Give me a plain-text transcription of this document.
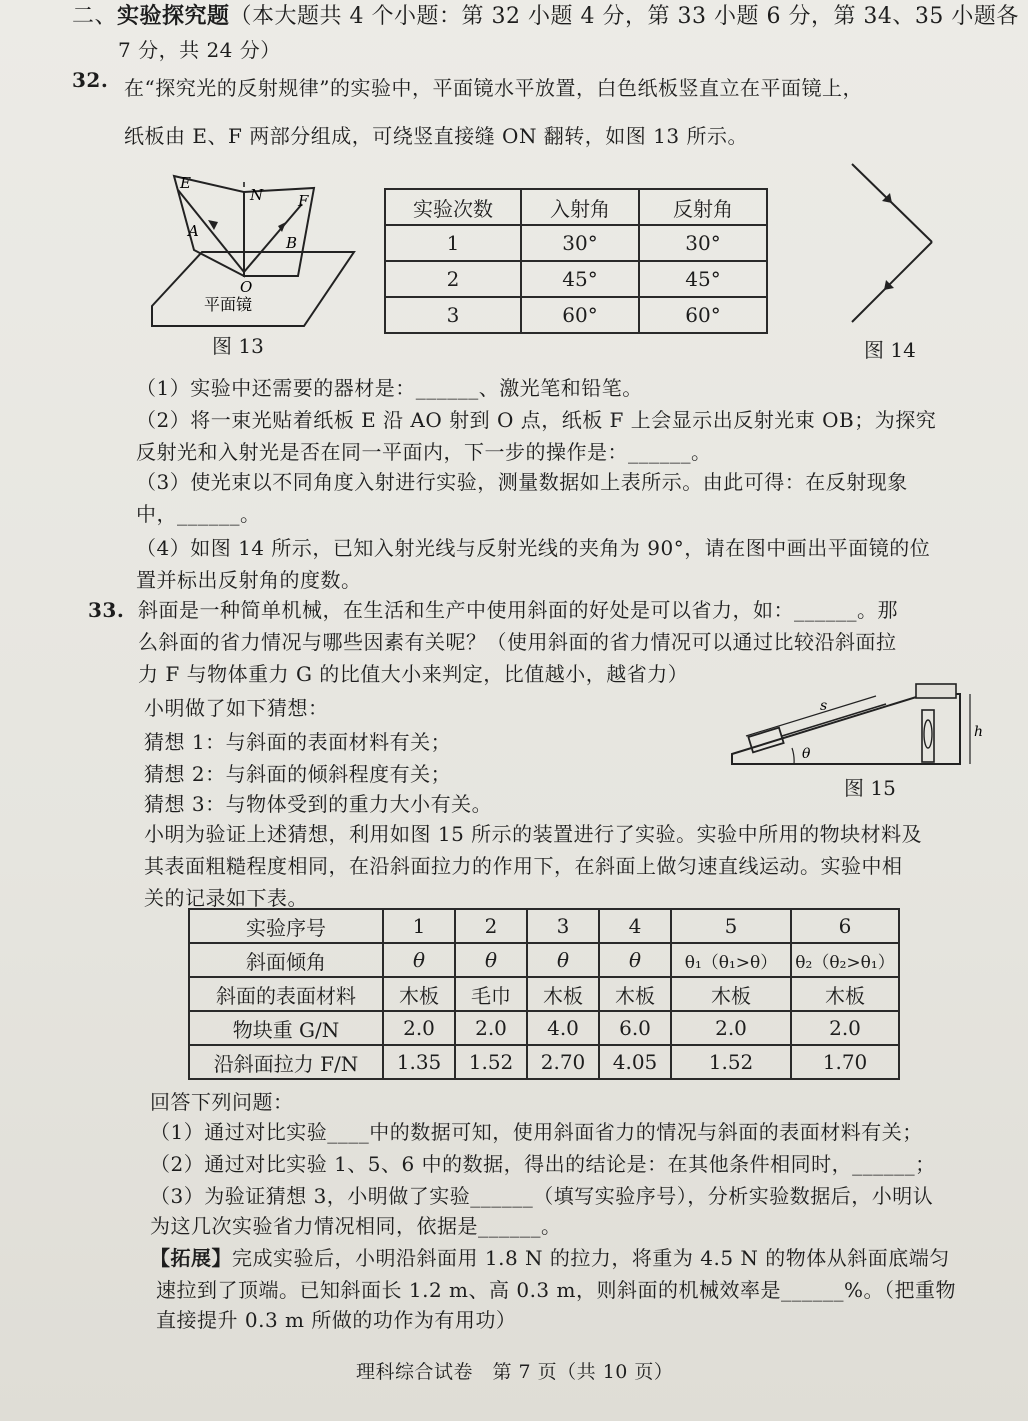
二、实验探究题（本大题共 4 个小题：第 32 小题 4 分，第 33 小题 6 分，第 34、35 小题各
7 分，共 24 分）
32. 在“探究光的反射规律”的实验中，平面镜水平放置，白色纸板竖直立在平面镜上，
纸板由 E、F 两部分组成，可绕竖直接缝 ON 翻转，如图 13 所示。
E
N F
A
B
O
平面镜
图 13
实验次数	入射角	反射角
1	30°	30°
2	45°	45°
3	60°	60°
图 14
（1）实验中还需要的器材是：______、激光笔和铅笔。
（2）将一束光贴着纸板 E 沿 AO 射到 O 点，纸板 F 上会显示出反射光束 OB；为探究
反射光和入射光是否在同一平面内，下一步的操作是：______。
（3）使光束以不同角度入射进行实验，测量数据如上表所示。由此可得：在反射现象
中，______。
（4）如图 14 所示，已知入射光线与反射光线的夹角为 90°，请在图中画出平面镜的位
置并标出反射角的度数。
33. 斜面是一种简单机械，在生活和生产中使用斜面的好处是可以省力，如：______。那
么斜面的省力情况与哪些因素有关呢？（使用斜面的省力情况可以通过比较沿斜面拉
力 F 与物体重力 G 的比值大小来判定，比值越小，越省力）
小明做了如下猜想：
猜想 1：与斜面的表面材料有关；
猜想 2：与斜面的倾斜程度有关；
猜想 3：与物体受到的重力大小有关。
s
h
θ
图 15
小明为验证上述猜想，利用如图 15 所示的装置进行了实验。实验中所用的物块材料及
其表面粗糙程度相同，在沿斜面拉力的作用下，在斜面上做匀速直线运动。实验中相
关的记录如下表。
实验序号	1	2	3	4	5	6
斜面倾角	θ	θ	θ	θ	θ₁（θ₁>θ）	θ₂（θ₂>θ₁）
斜面的表面材料	木板	毛巾	木板	木板	木板	木板
物块重 G/N	2.0	2.0	4.0	6.0	2.0	2.0
沿斜面拉力 F/N	1.35	1.52	2.70	4.05	1.52	1.70
回答下列问题：
（1）通过对比实验____中的数据可知，使用斜面省力的情况与斜面的表面材料有关；
（2）通过对比实验 1、5、6 中的数据，得出的结论是：在其他条件相同时，______；
（3）为验证猜想 3，小明做了实验______（填写实验序号），分析实验数据后，小明认
为这几次实验省力情况相同，依据是______。
【拓展】完成实验后，小明沿斜面用 1.8 N 的拉力，将重为 4.5 N 的物体从斜面底端匀
速拉到了顶端。已知斜面长 1.2 m、高 0.3 m，则斜面的机械效率是______%。（把重物
直接提升 0.3 m 所做的功作为有用功）
理科综合试卷　第 7 页（共 10 页）
